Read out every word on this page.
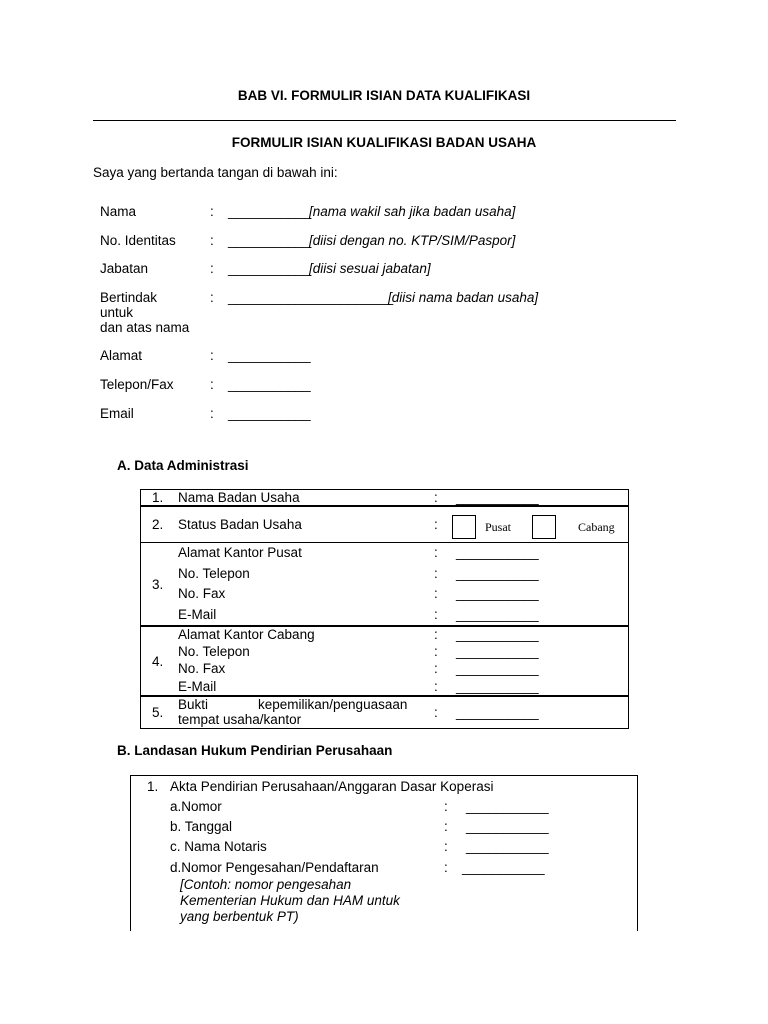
BAB VI. FORMULIR ISIAN DATA KUALIFIKASI
FORMULIR ISIAN KUALIFIKASI BADAN USAHA
Saya yang bertanda tangan di bawah ini:
Nama	: ___________
[nama wakil sah jika badan usaha]
No. Identitas	: ___________
[diisi dengan no. KTP/SIM/Paspor]
Jabatan	: ___________
[diisi sesuai jabatan]
Bertindak
untuk
dan atas nama
: ______________________
[diisi nama badan usaha]
Alamat	: ___________
Telepon/Fax	: ___________
Email	: ___________
A. Data Administrasi
1. Nama Badan Usaha	: ___________
2. Status Badan Usaha	:	Pusat	Cabang
3.
Alamat Kantor Pusat	: ___________
No. Telepon	: ___________
No. Fax	: ___________
E-Mail	: ___________
4.
Alamat Kantor Cabang	: ___________
No. Telepon	: ___________
No. Fax	: ___________
E-Mail	: ___________
5.
Bukti	kepemilikan/penguasaan
tempat usaha/kantor	: ___________
B. Landasan Hukum Pendirian Perusahaan
1. Akta Pendirian Perusahaan/Anggaran Dasar Koperasi
a.Nomor	: ___________
b. Tanggal	: ___________
c. Nama Notaris	: ___________
d.Nomor Pengesahan/Pendaftaran	: ___________
[Contoh: nomor pengesahan
Kementerian Hukum dan HAM untuk
yang berbentuk PT)
